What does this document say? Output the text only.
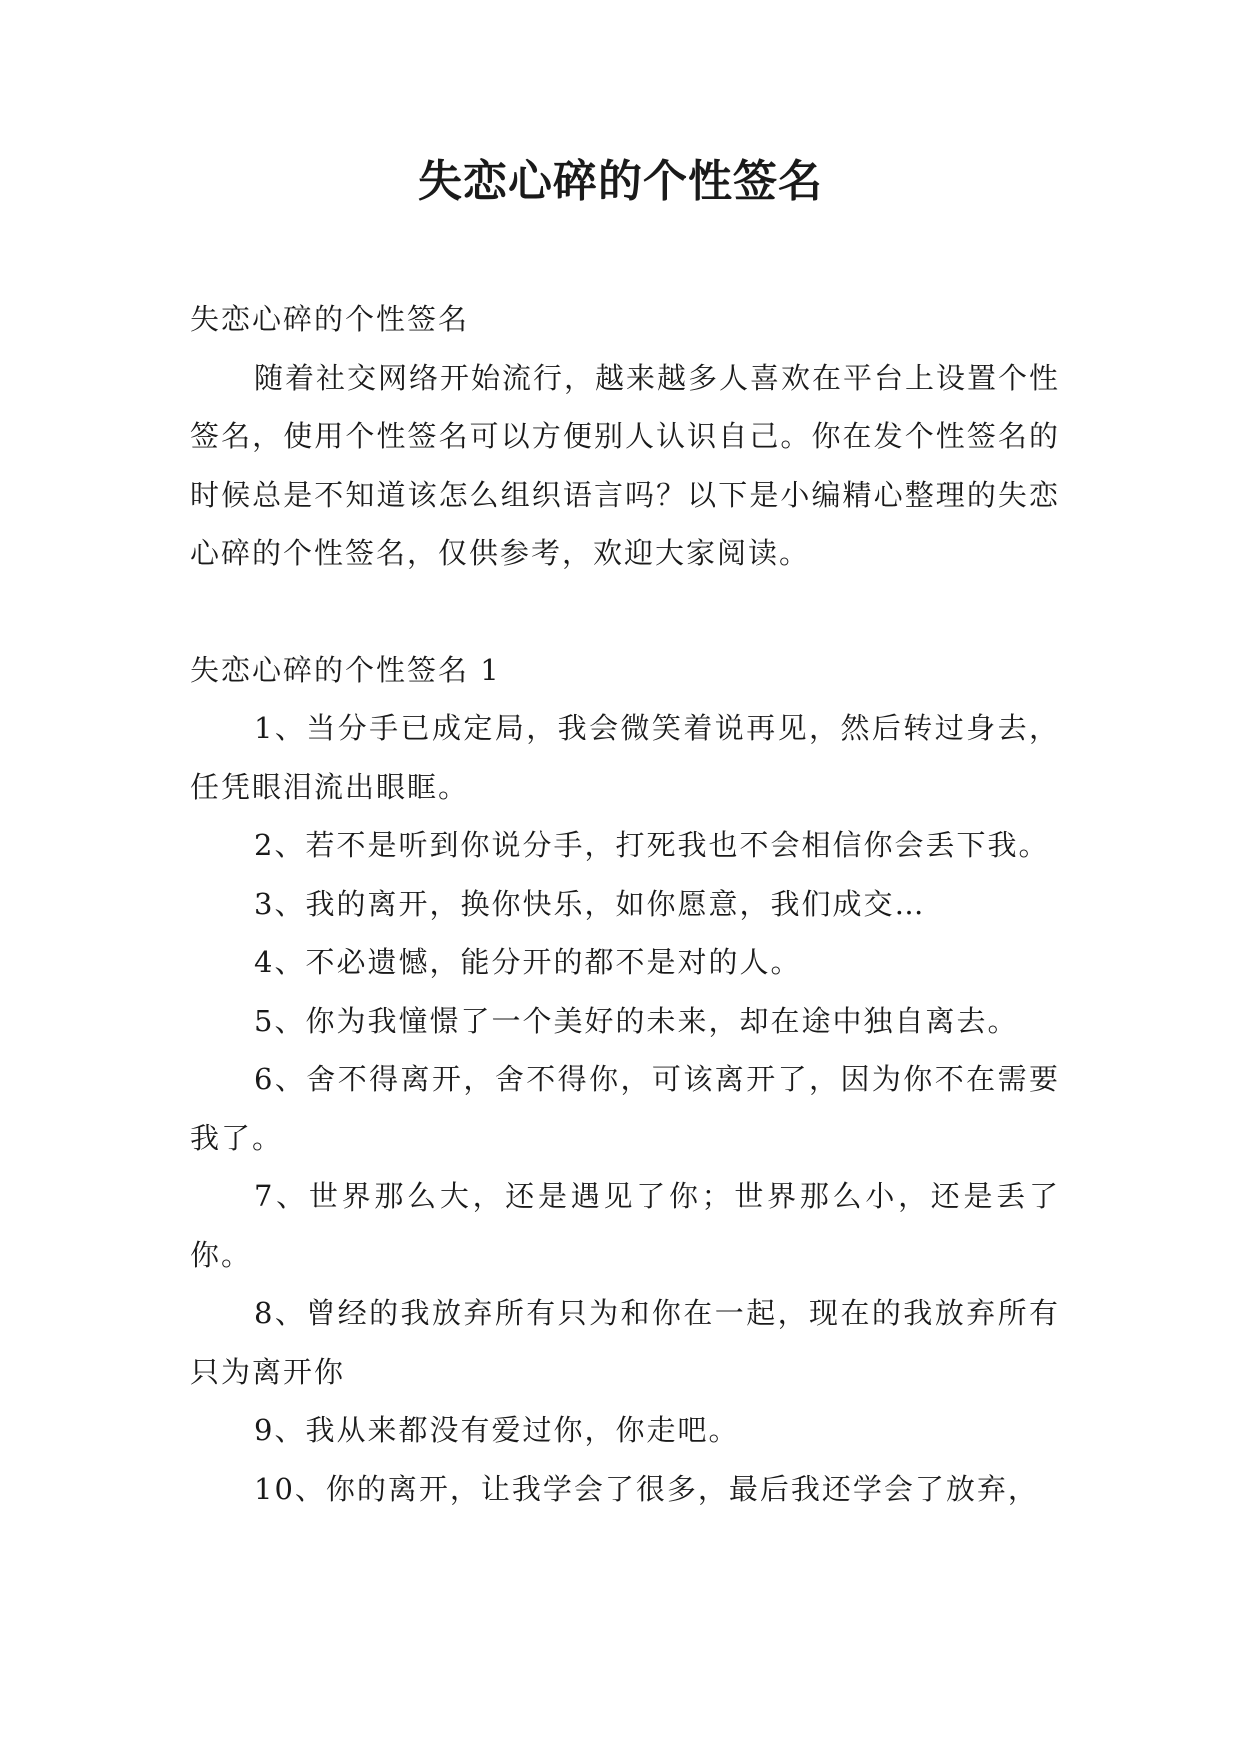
失恋心碎的个性签名

失恋心碎的个性签名

随着社交网络开始流行，越来越多人喜欢在平台上设置个性签名，使用个性签名可以方便别人认识自己。你在发个性签名的时候总是不知道该怎么组织语言吗？以下是小编精心整理的失恋心碎的个性签名，仅供参考，欢迎大家阅读。

失恋心碎的个性签名 1

1、当分手已成定局，我会微笑着说再见，然后转过身去，任凭眼泪流出眼眶。

2、若不是听到你说分手，打死我也不会相信你会丢下我。

3、我的离开，换你快乐，如你愿意，我们成交…

4、不必遗憾，能分开的都不是对的人。

5、你为我憧憬了一个美好的未来，却在途中独自离去。

6、舍不得离开，舍不得你，可该离开了，因为你不在需要我了。

7、世界那么大，还是遇见了你；世界那么小，还是丢了你。

8、曾经的我放弃所有只为和你在一起，现在的我放弃所有只为离开你

9、我从来都没有爱过你，你走吧。

10、你的离开，让我学会了很多，最后我还学会了放弃，
